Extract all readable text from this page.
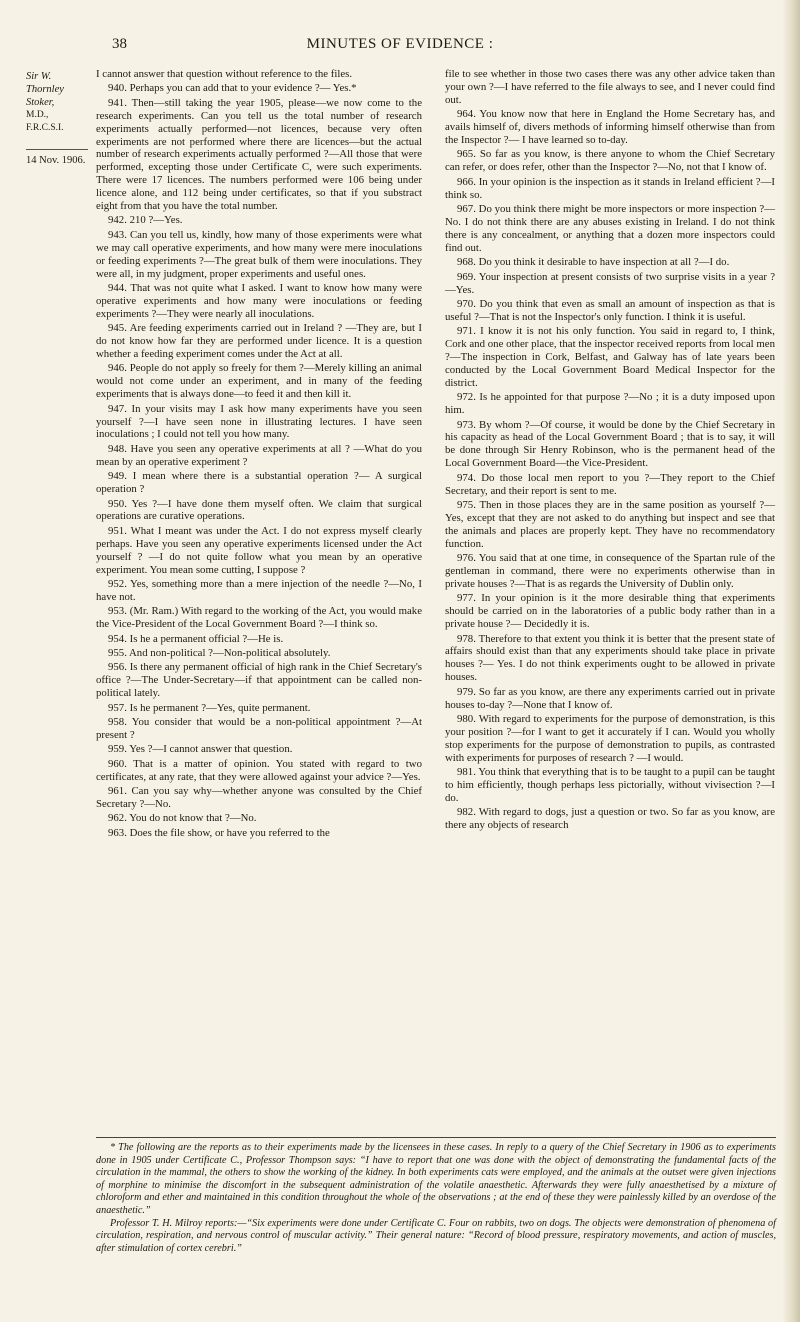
38	MINUTES OF EVIDENCE :
Sir W. Thornley Stoker,
M.D., F.R.C.S.I.
14 Nov. 1906.

I cannot answer that question without reference to the files.

940. Perhaps you can add that to your evidence ?— Yes.*

941. Then—still taking the year 1905, please—we now come to the research experiments. Can you tell us the total number of research experiments actually performed—not licences, because very often experiments are not performed where there are licences—but the actual number of research experiments actually performed ?—All those that were performed, excepting those under Certificate C, were such experiments. There were 17 licences. The numbers performed were 106 being under licence alone, and 112 being under certificates, so that if you substract eight from that you have the total number.

942. 210 ?—Yes.

943. Can you tell us, kindly, how many of those experiments were what we may call operative experiments, and how many were mere inoculations or feeding experiments ?—The great bulk of them were inoculations. They were all, in my judgment, proper experiments and useful ones.

944. That was not quite what I asked. I want to know how many were operative experiments and how many were inoculations or feeding experiments ?—They were nearly all inoculations.

945. Are feeding experiments carried out in Ireland ? —They are, but I do not know how far they are performed under licence. It is a question whether a feeding experiment comes under the Act at all.

946. People do not apply so freely for them ?—Merely killing an animal would not come under an experiment, and in many of the feeding experiments that is always done—to feed it and then kill it.

947. In your visits may I ask how many experiments have you seen yourself ?—I have seen none in illustrating lectures. I have seen inoculations ; I could not tell you how many.

948. Have you seen any operative experiments at all ? —What do you mean by an operative experiment ?

949. I mean where there is a substantial operation ?— A surgical operation ?

950. Yes ?—I have done them myself often. We claim that surgical operations are curative operations.

951. What I meant was under the Act. I do not express myself clearly perhaps. Have you seen any operative experiments licensed under the Act yourself ? —I do not quite follow what you mean by an operative experiment. You mean some cutting, I suppose ?

952. Yes, something more than a mere injection of the needle ?—No, I have not.

953. (Mr. Ram.) With regard to the working of the Act, you would make the Vice-President of the Local Government Board ?—I think so.

954. Is he a permanent official ?—He is.

955. And non-political ?—Non-political absolutely.

956. Is there any permanent official of high rank in the Chief Secretary's office ?—The Under-Secretary—if that appointment can be called non-political lately.

957. Is he permanent ?—Yes, quite permanent.

958. You consider that would be a non-political appointment ?—At present ?

959. Yes ?—I cannot answer that question.

960. That is a matter of opinion. You stated with regard to two certificates, at any rate, that they were allowed against your advice ?—Yes.

961. Can you say why—whether anyone was consulted by the Chief Secretary ?—No.

962. You do not know that ?—No.

963. Does the file show, or have you referred to the

file to see whether in those two cases there was any other advice taken than your own ?—I have referred to the file always to see, and I never could find out.

964. You know now that here in England the Home Secretary has, and avails himself of, divers methods of informing himself otherwise than from the Inspector ?— I have learned so to-day.

965. So far as you know, is there anyone to whom the Chief Secretary can refer, or does refer, other than the Inspector ?—No, not that I know of.

966. In your opinion is the inspection as it stands in Ireland efficient ?—I think so.

967. Do you think there might be more inspectors or more inspection ?—No. I do not think there are any abuses existing in Ireland. I do not think there is any concealment, or anything that a dozen more inspectors could find out.

968. Do you think it desirable to have inspection at all ?—I do.

969. Your inspection at present consists of two surprise visits in a year ?—Yes.

970. Do you think that even as small an amount of inspection as that is useful ?—That is not the Inspector's only function. I think it is useful.

971. I know it is not his only function. You said in regard to, I think, Cork and one other place, that the inspector received reports from local men ?—The inspection in Cork, Belfast, and Galway has of late years been conducted by the Local Government Board Medical Inspector for the district.

972. Is he appointed for that purpose ?—No ; it is a duty imposed upon him.

973. By whom ?—Of course, it would be done by the Chief Secretary in his capacity as head of the Local Government Board ; that is to say, it will be done through Sir Henry Robinson, who is the permanent head of the Local Government Board—the Vice-President.

974. Do those local men report to you ?—They report to the Chief Secretary, and their report is sent to me.

975. Then in those places they are in the same position as yourself ?—Yes, except that they are not asked to do anything but inspect and see that the animals and places are properly kept. They have no recommendatory function.

976. You said that at one time, in consequence of the Spartan rule of the gentleman in command, there were no experiments otherwise than in private houses ?—That is as regards the University of Dublin only.

977. In your opinion is it the more desirable thing that experiments should be carried on in the laboratories of a public body rather than in a private house ?— Decidedly it is.

978. Therefore to that extent you think it is better that the present state of affairs should exist than that any experiments should take place in private houses ?— Yes. I do not think experiments ought to be allowed in private houses.

979. So far as you know, are there any experiments carried out in private houses to-day ?—None that I know of.

980. With regard to experiments for the purpose of demonstration, is this your position ?—for I want to get it accurately if I can. Would you wholly stop experiments for the purpose of demonstration to pupils, as contrasted with experiments for purposes of research ? —I would.

981. You think that everything that is to be taught to a pupil can be taught to him efficiently, though perhaps less pictorially, without vivisection ?—I do.

982. With regard to dogs, just a question or two. So far as you know, are there any objects of research

* The following are the reports as to their experiments made by the licensees in these cases. In reply to a query of the Chief Secretary in 1906 as to experiments done in 1905 under Certificate C., Professor Thompson says: “I have to report that one was done with the object of demonstrating the fundamental facts of the circulation in the mammal, the others to show the working of the kidney. In both experiments cats were employed, and the animals at the outset were given injections of morphine to minimise the discomfort in the subsequent administration of the volatile anaesthetic. Afterwards they were fully anaesthetised by a mixture of chloroform and ether and maintained in this condition throughout the whole of the observations ; at the end of these they were painlessly killed by an overdose of the anaesthetic.”

Professor T. H. Milroy reports:—“Six experiments were done under Certificate C. Four on rabbits, two on dogs. The objects were demonstration of phenomena of circulation, respiration, and nervous control of muscular activity.” Their general nature: “Record of blood pressure, respiratory movements, and action of muscles, after stimulation of cortex cerebri.”
